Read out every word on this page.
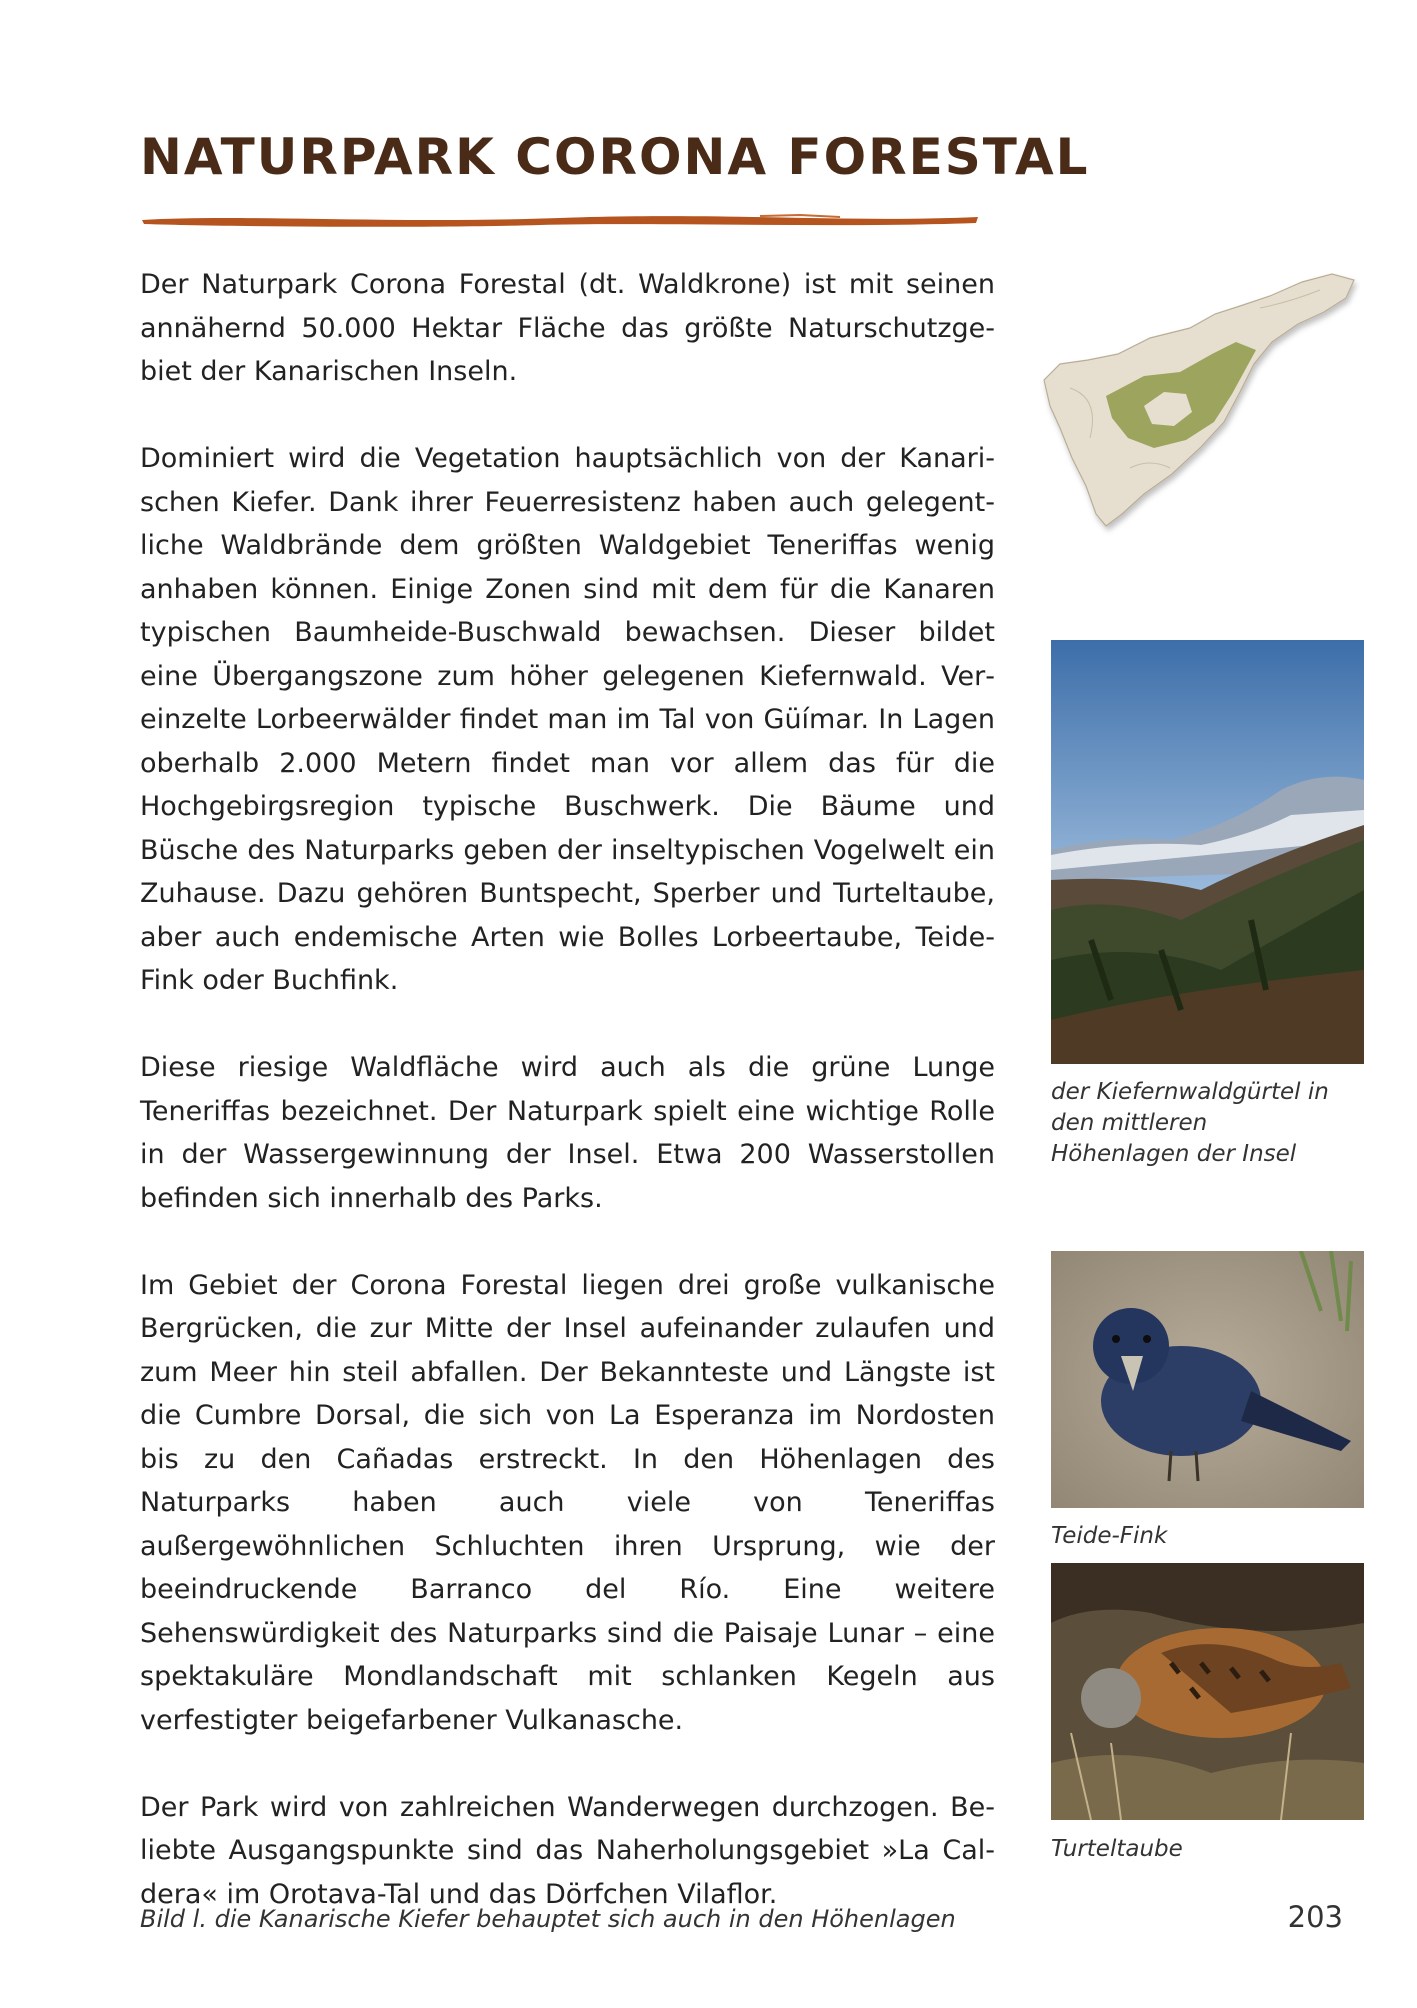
NATURPARK CORONA FORESTAL

Der Naturpark Corona Forestal (dt. Waldkrone) ist mit seinen annähernd 50.000 Hektar Fläche das größte Naturschutzgebiet der Kanarischen Inseln.

Dominiert wird die Vegetation hauptsächlich von der Kanarischen Kiefer. Dank ihrer Feuerresistenz haben auch gelegentliche Waldbrände dem größten Waldgebiet Teneriffas wenig anhaben können. Einige Zonen sind mit dem für die Kanaren typischen Baumheide-Buschwald bewachsen. Dieser bildet eine Übergangszone zum höher gelegenen Kiefernwald. Vereinzelte Lorbeerwälder findet man im Tal von Güímar. In Lagen oberhalb 2.000 Metern findet man vor allem das für die Hochgebirgsregion typische Buschwerk. Die Bäume und Büsche des Naturparks geben der inseltypischen Vogelwelt ein Zuhause. Dazu gehören Buntspecht, Sperber und Turteltaube, aber auch endemische Arten wie Bolles Lorbeertaube, Teide-Fink oder Buchfink.

Diese riesige Waldfläche wird auch als die grüne Lunge Teneriffas bezeichnet. Der Naturpark spielt eine wichtige Rolle in der Wassergewinnung der Insel. Etwa 200 Wasserstollen befinden sich innerhalb des Parks.

Im Gebiet der Corona Forestal liegen drei große vulkanische Bergrücken, die zur Mitte der Insel aufeinander zulaufen und zum Meer hin steil abfallen. Der Bekannteste und Längste ist die Cumbre Dorsal, die sich von La Esperanza im Nordosten bis zu den Cañadas erstreckt. In den Höhenlagen des Naturparks haben auch viele von Teneriffas außergewöhnlichen Schluchten ihren Ursprung, wie der beeindruckende Barranco del Río. Eine weitere Sehenswürdigkeit des Naturparks sind die Paisaje Lunar – eine spektakuläre Mondlandschaft mit schlanken Kegeln aus verfestigter beigefarbener Vulkanasche.

Der Park wird von zahlreichen Wanderwegen durchzogen. Beliebte Ausgangspunkte sind das Naherholungsgebiet »La Caldera« im Orotava-Tal und das Dörfchen Vilaflor.

der Kiefernwaldgürtel in den mittleren Höhenlagen der Insel
Teide-Fink
Turteltaube
Bild l. die Kanarische Kiefer behauptet sich auch in den Höhenlagen	203
